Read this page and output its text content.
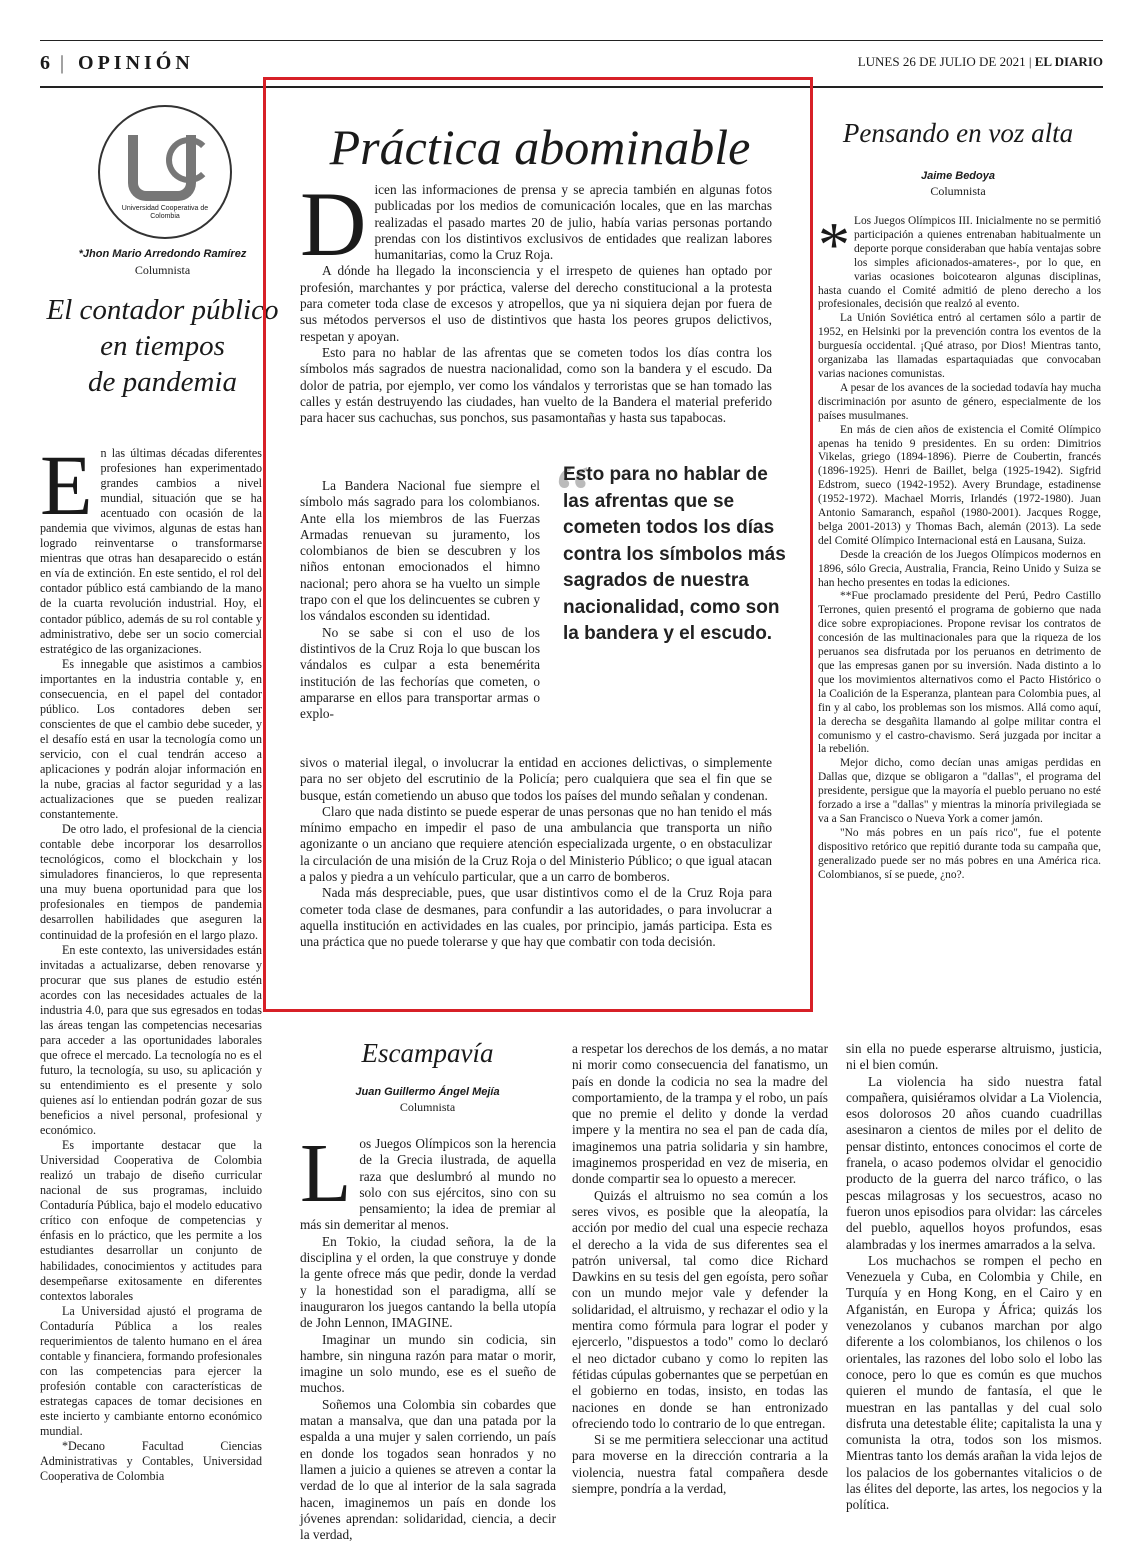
6 | OPINIÓN	LUNES 26 DE JULIO DE 2021 | EL DIARIO
Universidad Cooperativa de Colombia
*Jhon Mario Arredondo Ramírez
Columnista
El contador público
en tiempos
de pandemia

En las últimas décadas diferentes profesiones han experimentado grandes cambios a nivel mundial, situación que se ha acentuado con ocasión de la pandemia que vivimos, algunas de estas han logrado reinventarse o transformarse mientras que otras han desaparecido o están en vía de extinción. En este sentido, el rol del contador público está cambiando de la mano de la cuarta revolución industrial. Hoy, el contador público, además de su rol contable y administrativo, debe ser un socio comercial estratégico de las organizaciones.

Es innegable que asistimos a cambios importantes en la industria contable y, en consecuencia, en el papel del contador público. Los contadores deben ser conscientes de que el cambio debe suceder, y el desafío está en usar la tecnología como un servicio, con el cual tendrán acceso a aplicaciones y podrán alojar información en la nube, gracias al factor seguridad y a las actualizaciones que se pueden realizar constantemente.

De otro lado, el profesional de la ciencia contable debe incorporar los desarrollos tecnológicos, como el blockchain y los simuladores financieros, lo que representa una muy buena oportunidad para que los profesionales en tiempos de pandemia desarrollen habilidades que aseguren la continuidad de la profesión en el largo plazo.

En este contexto, las universidades están invitadas a actualizarse, deben renovarse y procurar que sus planes de estudio estén acordes con las necesidades actuales de la industria 4.0, para que sus egresados en todas las áreas tengan las competencias necesarias para acceder a las oportunidades laborales que ofrece el mercado. La tecnología no es el futuro, la tecnología, su uso, su aplicación y su entendimiento es el presente y solo quienes así lo entiendan podrán gozar de sus beneficios a nivel personal, profesional y económico.

Es importante destacar que la Universidad Cooperativa de Colombia realizó un trabajo de diseño curricular nacional de sus programas, incluido Contaduría Pública, bajo el modelo educativo crítico con enfoque de competencias y énfasis en lo práctico, que les permite a los estudiantes desarrollar un conjunto de habilidades, conocimientos y actitudes para desempeñarse exitosamente en diferentes contextos laborales

La Universidad ajustó el programa de Contaduría Pública a los reales requerimientos de talento humano en el área contable y financiera, formando profesionales con las competencias para ejercer la profesión contable con características de estrategas capaces de tomar decisiones en este incierto y cambiante entorno económico mundial.

*Decano Facultad Ciencias Administrativas y Contables, Universidad Cooperativa de Colombia

Práctica abominable

Dicen las informaciones de prensa y se aprecia también en algunas fotos publicadas por los medios de comunicación locales, que en las marchas realizadas el pasado martes 20 de julio, había varias personas portando prendas con los distintivos exclusivos de entidades que realizan labores humanitarias, como la Cruz Roja.

A dónde ha llegado la inconsciencia y el irrespeto de quienes han optado por profesión, marchantes y por práctica, valerse del derecho constitucional a la protesta para cometer toda clase de excesos y atropellos, que ya ni siquiera dejan por fuera de sus métodos perversos el uso de distintivos que hasta los peores grupos delictivos, respetan y apoyan.

Esto para no hablar de las afrentas que se cometen todos los días contra los símbolos más sagrados de nuestra nacionalidad, como son la bandera y el escudo. Da dolor de patria, por ejemplo, ver como los vándalos y terroristas que se han tomado las calles y están destruyendo las ciudades, han vuelto de la Bandera el material preferido para hacer sus cachuchas, sus ponchos, sus pasamontañas y hasta sus tapabocas.

La Bandera Nacional fue siempre el símbolo más sagrado para los colombianos. Ante ella los miembros de las Fuerzas Armadas renuevan su juramento, los colombianos de bien se descubren y los niños entonan emocionados el himno nacional; pero ahora se ha vuelto un simple trapo con el que los delincuentes se cubren y los vándalos esconden su identidad.

No se sabe si con el uso de los distintivos de la Cruz Roja lo que buscan los vándalos es culpar a esta benemérita institución de las fechorías que cometen, o ampararse en ellos para transportar armas o explo-

“
Esto para no hablar de las afrentas que se cometen todos los días contra los símbolos más sagrados de nuestra nacionalidad, como son la bandera y el escudo.

sivos o material ilegal, o involucrar la entidad en acciones delictivas, o simplemente para no ser objeto del escrutinio de la Policía; pero cualquiera que sea el fin que se busque, están cometiendo un abuso que todos los países del mundo señalan y condenan.

Claro que nada distinto se puede esperar de unas personas que no han tenido el más mínimo empacho en impedir el paso de una ambulancia que transporta un niño agonizante o un anciano que requiere atención especializada urgente, o en obstaculizar la circulación de una misión de la Cruz Roja o del Ministerio Público; o que igual atacan a palos y piedra a un vehículo particular, que a un carro de bomberos.

Nada más despreciable, pues, que usar distintivos como el de la Cruz Roja para cometer toda clase de desmanes, para confundir a las autoridades, o para involucrar a aquella institución en actividades en las cuales, por principio, jamás participa. Esta es una práctica que no puede tolerarse y que hay que combatir con toda decisión.

Pensando en voz alta
Jaime Bedoya
Columnista

* Los Juegos Olímpicos III. Inicialmente no se permitió participación a quienes entrenaban habitualmente un deporte porque consideraban que había ventajas sobre los simples aficionados-amateres-, por lo que, en varias ocasiones boicotearon algunas disciplinas, hasta cuando el Comité admitió de pleno derecho a los profesionales, decisión que realzó al evento.

La Unión Soviética entró al certamen sólo a partir de 1952, en Helsinki por la prevención contra los eventos de la burguesía occidental. ¡Qué atraso, por Dios! Mientras tanto, organizaba las llamadas espartaquiadas que convocaban varias naciones comunistas.

A pesar de los avances de la sociedad todavía hay mucha discriminación por asunto de género, especialmente de los países musulmanes.

En más de cien años de existencia el Comité Olímpico apenas ha tenido 9 presidentes. En su orden: Dimitrios Vikelas, griego (1894-1896). Pierre de Coubertin, francés (1896-1925). Henri de Baillet, belga (1925-1942). Sigfrid Edstrom, sueco (1942-1952). Avery Brundage, estadinense (1952-1972). Machael Morris, Irlandés (1972-1980). Juan Antonio Samaranch, español (1980-2001). Jacques Rogge, belga 2001-2013) y Thomas Bach, alemán (2013). La sede del Comité Olímpico Internacional está en Lausana, Suiza.

Desde la creación de los Juegos Olímpicos modernos en 1896, sólo Grecia, Australia, Francia, Reino Unido y Suiza se han hecho presentes en todas la ediciones.

**Fue proclamado presidente del Perú, Pedro Castillo Terrones, quien presentó el programa de gobierno que nada dice sobre expropiaciones. Propone revisar los contratos de concesión de las multinacionales para que la riqueza de los peruanos sea disfrutada por los peruanos en detrimento de que las empresas ganen por su inversión. Nada distinto a lo que los movimientos alternativos como el Pacto Histórico o la Coalición de la Esperanza, plantean para Colombia pues, al fin y al cabo, los problemas son los mismos. Allá como aquí, la derecha se desgañita llamando al golpe militar contra el comunismo y el castro-chavismo. Será juzgada por incitar a la rebelión.

Mejor dicho, como decían unas amigas perdidas en Dallas que, dizque se obligaron a "dallas", el programa del presidente, persigue que la mayoría el pueblo peruano no esté forzado a irse a "dallas" y mientras la minoría privilegiada se va a San Francisco o Nueva York a comer jamón.

"No más pobres en un país rico", fue el potente dispositivo retórico que repitió durante toda su campaña que, generalizado puede ser no más pobres en una América rica. Colombianos, sí se puede, ¿no?.

Escampavía
Juan Guillermo Ángel Mejía
Columnista

Los Juegos Olímpicos son la herencia de la Grecia ilustrada, de aquella raza que deslumbró al mundo no solo con sus ejércitos, sino con su pensamiento; la idea de premiar al más sin demeritar al menos.

En Tokio, la ciudad señora, la de la disciplina y el orden, la que construye y donde la gente ofrece más que pedir, donde la verdad y la honestidad son el paradigma, allí se inauguraron los juegos cantando la bella utopía de John Lennon, IMAGINE.

Imaginar un mundo sin codicia, sin hambre, sin ninguna razón para matar o morir, imagine un solo mundo, ese es el sueño de muchos.

Soñemos una Colombia sin cobardes que matan a mansalva, que dan una patada por la espalda a una mujer y salen corriendo, un país en donde los togados sean honrados y no llamen a juicio a quienes se atreven a contar la verdad de lo que al interior de la sala sagrada hacen, imaginemos un país en donde los jóvenes aprendan: solidaridad, ciencia, a decir la verdad,

a respetar los derechos de los demás, a no matar ni morir como consecuencia del fanatismo, un país en donde la codicia no sea la madre del comportamiento, de la trampa y el robo, un país que no premie el delito y donde la verdad impere y la mentira no sea el pan de cada día, imaginemos una patria solidaria y sin hambre, imaginemos prosperidad en vez de miseria, en donde compartir sea lo opuesto a merecer.

Quizás el altruismo no sea común a los seres vivos, es posible que la aleopatía, la acción por medio del cual una especie rechaza el derecho a la vida de sus diferentes sea el patrón universal, tal como dice Richard Dawkins en su tesis del gen egoísta, pero soñar con un mundo mejor vale y defender la solidaridad, el altruismo, y rechazar el odio y la mentira como fórmula para lograr el poder y ejercerlo, "dispuestos a todo" como lo declaró el neo dictador cubano y como lo repiten las fétidas cúpulas gobernantes que se perpetúan en el gobierno en todas, insisto, en todas las naciones en donde se han entronizado ofreciendo todo lo contrario de lo que entregan.

Si se me permitiera seleccionar una actitud para moverse en la dirección contraria a la violencia, nuestra fatal compañera desde siempre, pondría a la verdad,

sin ella no puede esperarse altruismo, justicia, ni el bien común.

La violencia ha sido nuestra fatal compañera, quisiéramos olvidar a La Violencia, esos dolorosos 20 años cuando cuadrillas asesinaron a cientos de miles por el delito de pensar distinto, entonces conocimos el corte de franela, o acaso podemos olvidar el genocidio producto de la guerra del narco tráfico, o las pescas milagrosas y los secuestros, acaso no fueron unos episodios para olvidar: las cárceles del pueblo, aquellos hoyos profundos, esas alambradas y los inermes amarrados a la selva.

Los muchachos se rompen el pecho en Venezuela y Cuba, en Colombia y Chile, en Turquía y en Hong Kong, en el Cairo y en Afganistán, en Europa y África; quizás los venezolanos y cubanos marchan por algo diferente a los colombianos, los chilenos o los orientales, las razones del lobo solo el lobo las conoce, pero lo que es común es que muchos quieren el mundo de fantasía, el que le muestran en las pantallas y del cual solo disfruta una detestable élite; capitalista la una y comunista la otra, todos son los mismos. Mientras tanto los demás arañan la vida lejos de los palacios de los gobernantes vitalicios o de las élites del deporte, las artes, los negocios y la política.
